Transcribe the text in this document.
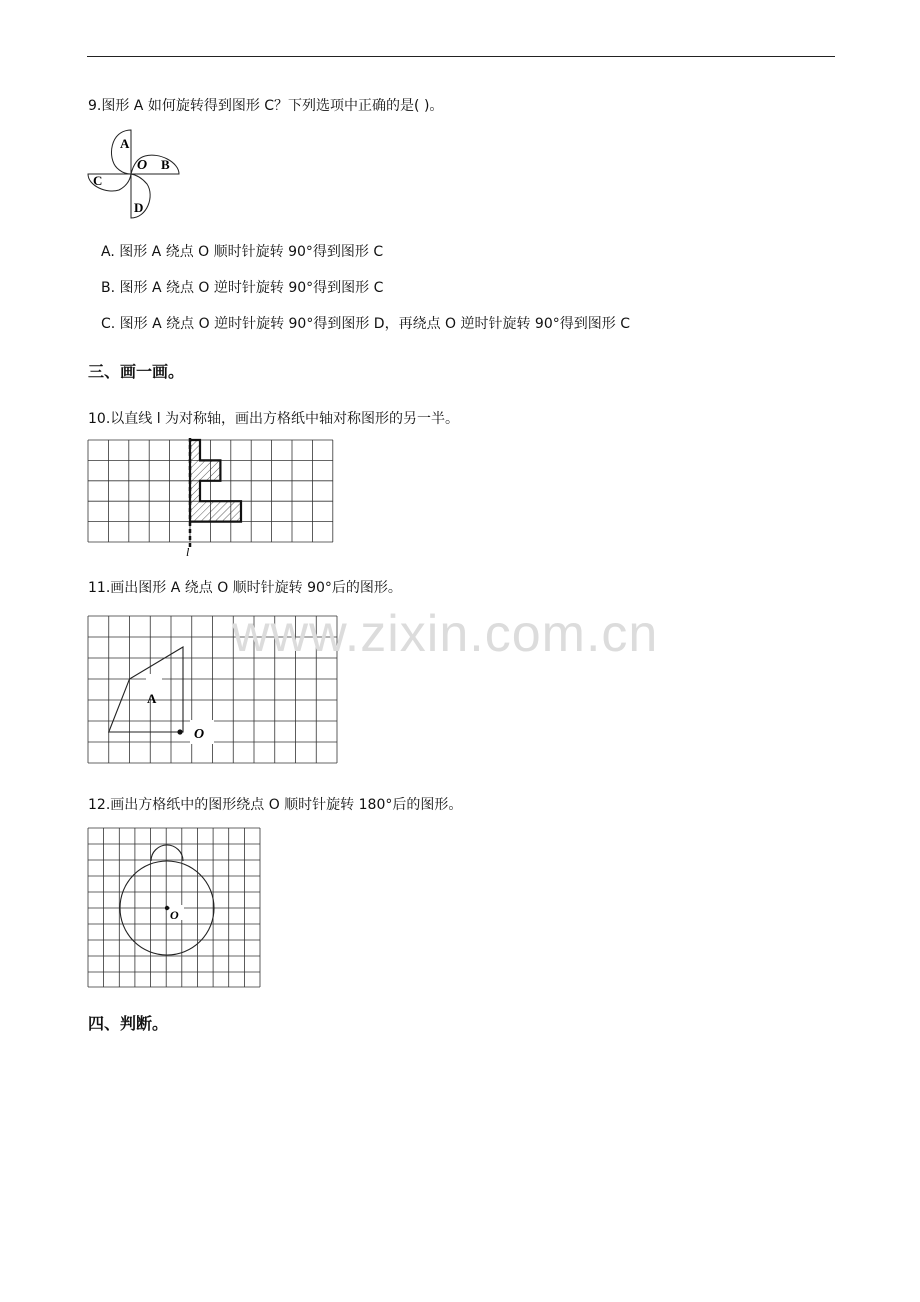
9.图形 A 如何旋转得到图形 C？下列选项中正确的是( )。
A
B
C
D
O
A. 图形 A 绕点 O 顺时针旋转 90°得到图形 C
B. 图形 A 绕点 O 逆时针旋转 90°得到图形 C
C. 图形 A 绕点 O 逆时针旋转 90°得到图形 D，再绕点 O 逆时针旋转 90°得到图形 C
三、画一画。
10.以直线 l 为对称轴，画出方格纸中轴对称图形的另一半。
l
11.画出图形 A 绕点 O 顺时针旋转 90°后的图形。
A
O
www.zixin.com.cn
12.画出方格纸中的图形绕点 O 顺时针旋转 180°后的图形。
O
四、判断。
